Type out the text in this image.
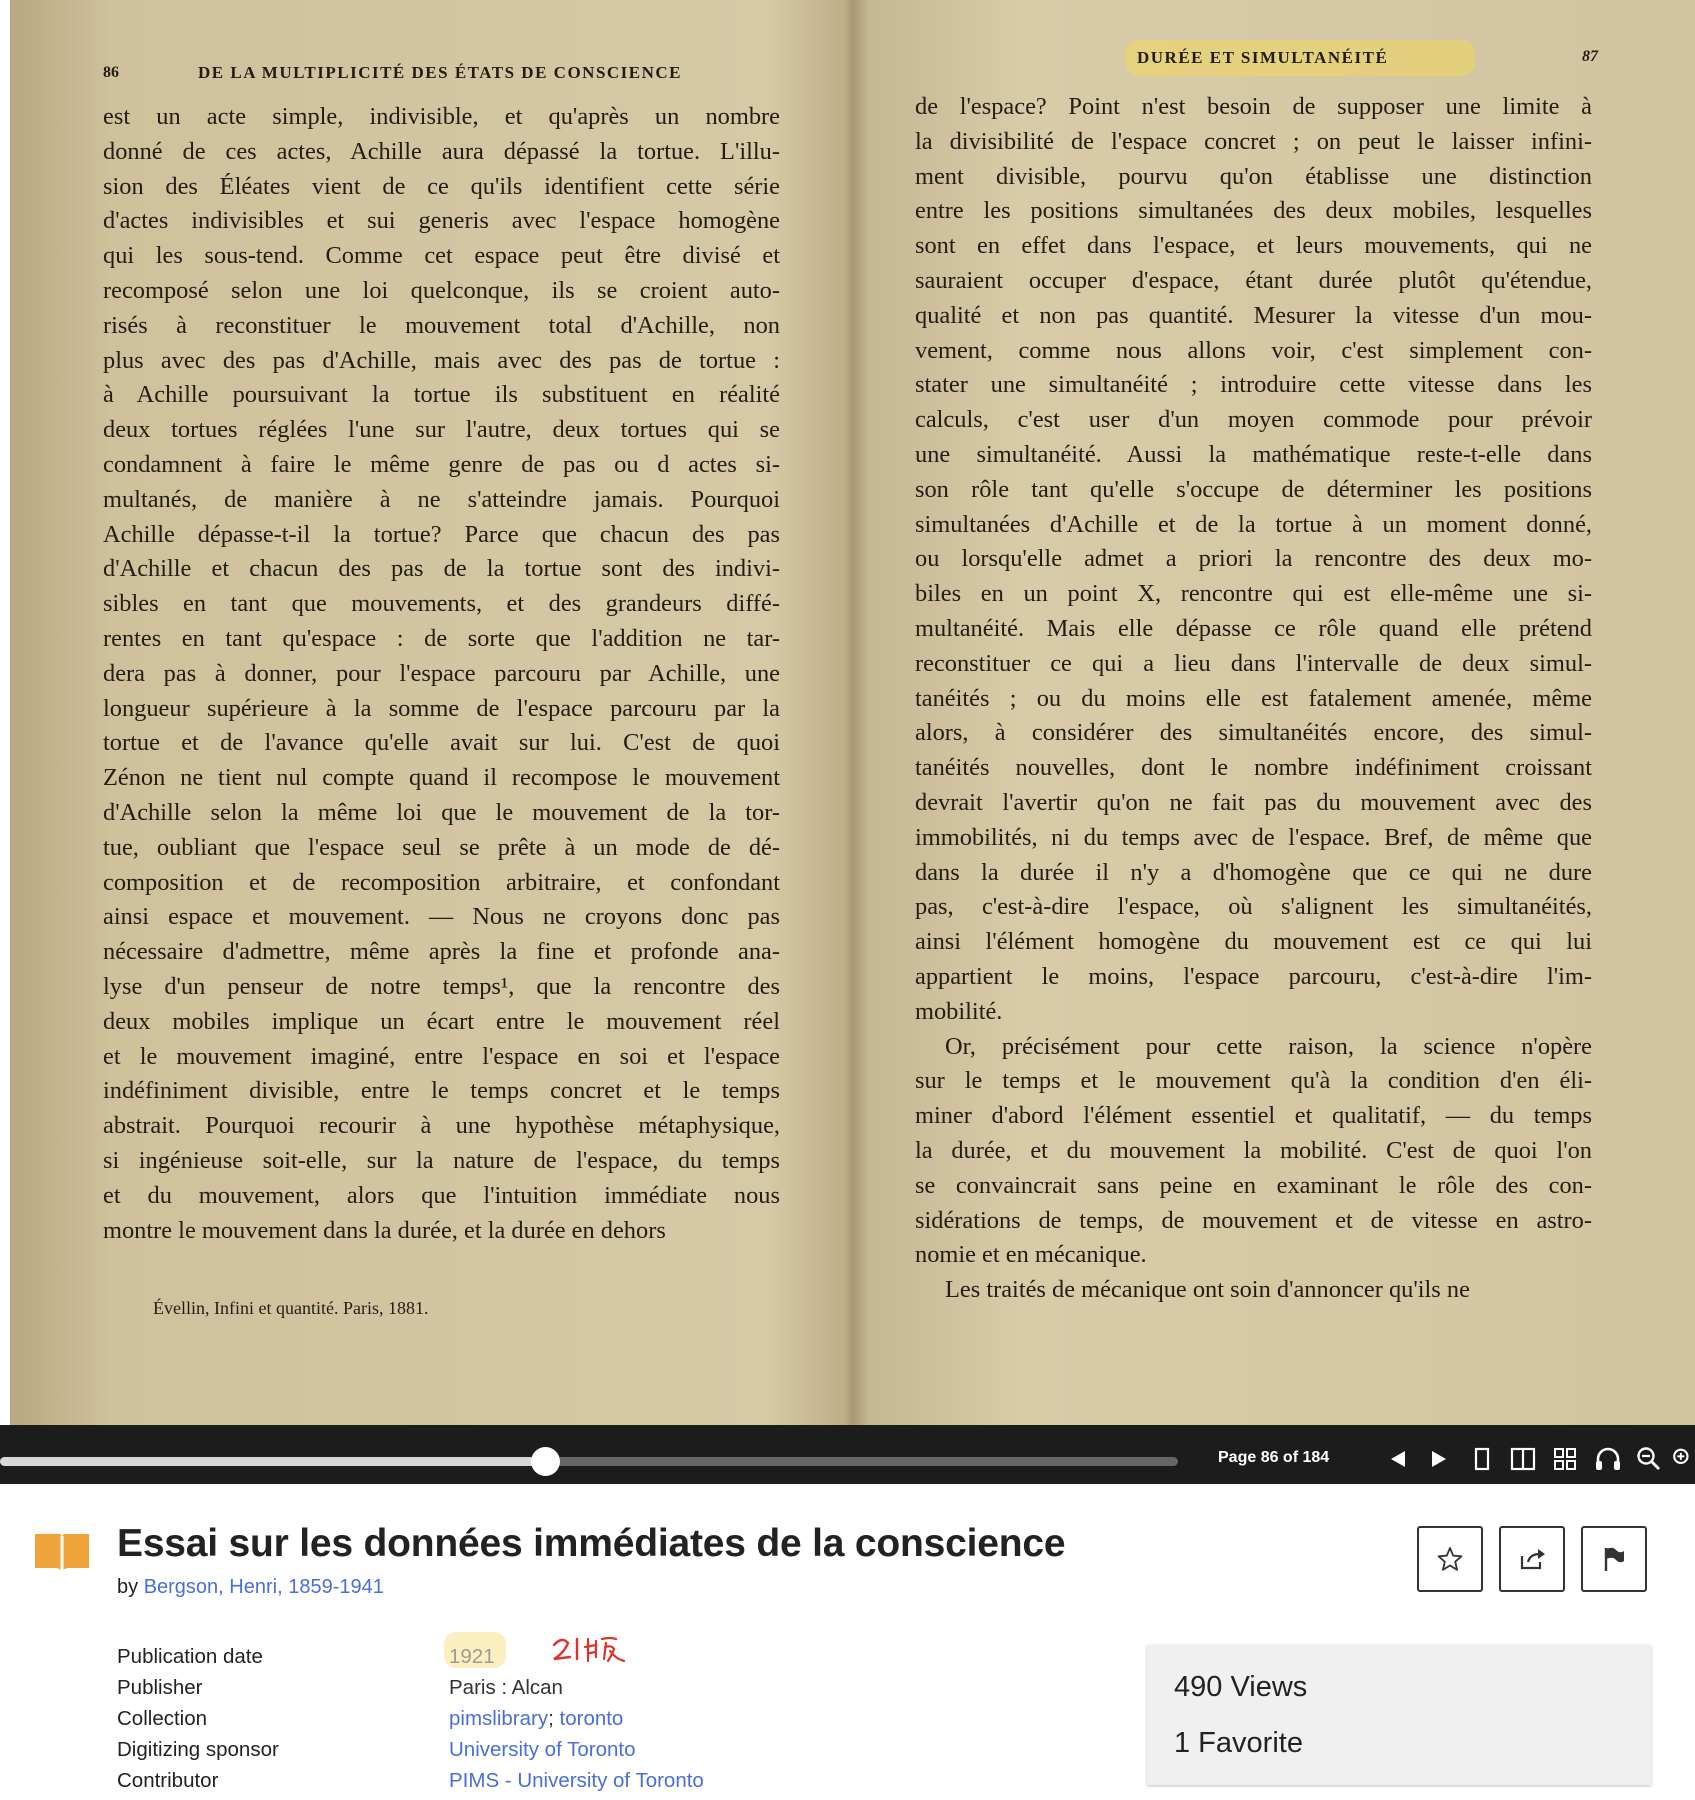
86	DE LA MULTIPLICITÉ DES ÉTATS DE CONSCIENCE
est un acte simple, indivisible, et qu'après un nombre
donné de ces actes, Achille aura dépassé la tortue. L'illu-
sion des Éléates vient de ce qu'ils identifient cette série
d'actes indivisibles et sui generis avec l'espace homogène
qui les sous-tend. Comme cet espace peut être divisé et
recomposé selon une loi quelconque, ils se croient auto-
risés à reconstituer le mouvement total d'Achille, non
plus avec des pas d'Achille, mais avec des pas de tortue :
à Achille poursuivant la tortue ils substituent en réalité
deux tortues réglées l'une sur l'autre, deux tortues qui se
condamnent à faire le même genre de pas ou d actes si-
multanés, de manière à ne s'atteindre jamais. Pourquoi
Achille dépasse-t-il la tortue? Parce que chacun des pas
d'Achille et chacun des pas de la tortue sont des indivi-
sibles en tant que mouvements, et des grandeurs diffé-
rentes en tant qu'espace : de sorte que l'addition ne tar-
dera pas à donner, pour l'espace parcouru par Achille, une
longueur supérieure à la somme de l'espace parcouru par la
tortue et de l'avance qu'elle avait sur lui. C'est de quoi
Zénon ne tient nul compte quand il recompose le mouvement
d'Achille selon la même loi que le mouvement de la tor-
tue, oubliant que l'espace seul se prête à un mode de dé-
composition et de recomposition arbitraire, et confondant
ainsi espace et mouvement. — Nous ne croyons donc pas
nécessaire d'admettre, même après la fine et profonde ana-
lyse d'un penseur de notre temps¹, que la rencontre des
deux mobiles implique un écart entre le mouvement réel
et le mouvement imaginé, entre l'espace en soi et l'espace
indéfiniment divisible, entre le temps concret et le temps
abstrait. Pourquoi recourir à une hypothèse métaphysique,
si ingénieuse soit-elle, sur la nature de l'espace, du temps
et du mouvement, alors que l'intuition immédiate nous
montre le mouvement dans la durée, et la durée en dehors
Évellin, Infini et quantité. Paris, 1881.
DURÉE ET SIMULTANÉITÉ	87
de l'espace? Point n'est besoin de supposer une limite à
la divisibilité de l'espace concret ; on peut le laisser infini-
ment divisible, pourvu qu'on établisse une distinction
entre les positions simultanées des deux mobiles, lesquelles
sont en effet dans l'espace, et leurs mouvements, qui ne
sauraient occuper d'espace, étant durée plutôt qu'étendue,
qualité et non pas quantité. Mesurer la vitesse d'un mou-
vement, comme nous allons voir, c'est simplement con-
stater une simultanéité ; introduire cette vitesse dans les
calculs, c'est user d'un moyen commode pour prévoir
une simultanéité. Aussi la mathématique reste-t-elle dans
son rôle tant qu'elle s'occupe de déterminer les positions
simultanées d'Achille et de la tortue à un moment donné,
ou lorsqu'elle admet a priori la rencontre des deux mo-
biles en un point X, rencontre qui est elle-même une si-
multanéité. Mais elle dépasse ce rôle quand elle prétend
reconstituer ce qui a lieu dans l'intervalle de deux simul-
tanéités ; ou du moins elle est fatalement amenée, même
alors, à considérer des simultanéités encore, des simul-
tanéités nouvelles, dont le nombre indéfiniment croissant
devrait l'avertir qu'on ne fait pas du mouvement avec des
immobilités, ni du temps avec de l'espace. Bref, de même que
dans la durée il n'y a d'homogène que ce qui ne dure
pas, c'est-à-dire l'espace, où s'alignent les simultanéités,
ainsi l'élément homogène du mouvement est ce qui lui
appartient le moins, l'espace parcouru, c'est-à-dire l'im-
mobilité.
Or, précisément pour cette raison, la science n'opère
sur le temps et le mouvement qu'à la condition d'en éli-
miner d'abord l'élément essentiel et qualitatif, — du temps
la durée, et du mouvement la mobilité. C'est de quoi l'on
se convaincrait sans peine en examinant le rôle des con-
sidérations de temps, de mouvement et de vitesse en astro-
nomie et en mécanique.
Les traités de mécanique ont soin d'annoncer qu'ils ne
Page 86 of 184
Essai sur les données immédiates de la conscience
by Bergson, Henri, 1859-1941
Publication date	1921
Publisher	Paris : Alcan
Collection	pimslibrary; toronto
Digitizing sponsor	University of Toronto
Contributor	PIMS - University of Toronto
490 Views
1 Favorite
